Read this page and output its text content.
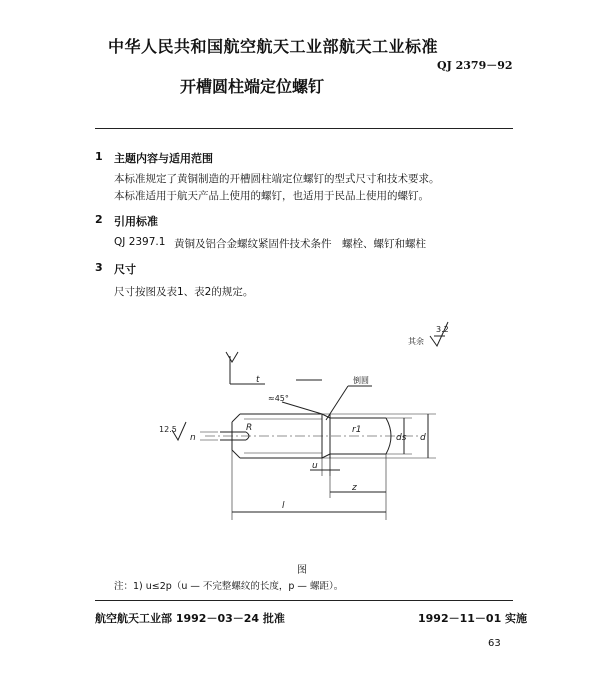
中华人民共和国航空航天工业部航天工业标准
QJ 2379－92
开槽圆柱端定位螺钉
1 主题内容与适用范围
本标准规定了黄铜制造的开槽圆柱端定位螺钉的型式尺寸和技术要求。
本标准适用于航天产品上使用的螺钉，也适用于民品上使用的螺钉。
2 引用标准
QJ 2397.1 黄铜及铝合金螺纹紧固件技术条件　螺栓、螺钉和螺柱
3 尺寸
尺寸按图及表1、表2的规定。
其余
3.2
12.5
倒圆
≈45°
t
n
R
u
r1
ds d
l
z
图
注：1) u≤2p（u — 不完整螺纹的长度，p — 螺距）。
航空航天工业部 1992－03－24 批准	1992－11－01 实施
63
